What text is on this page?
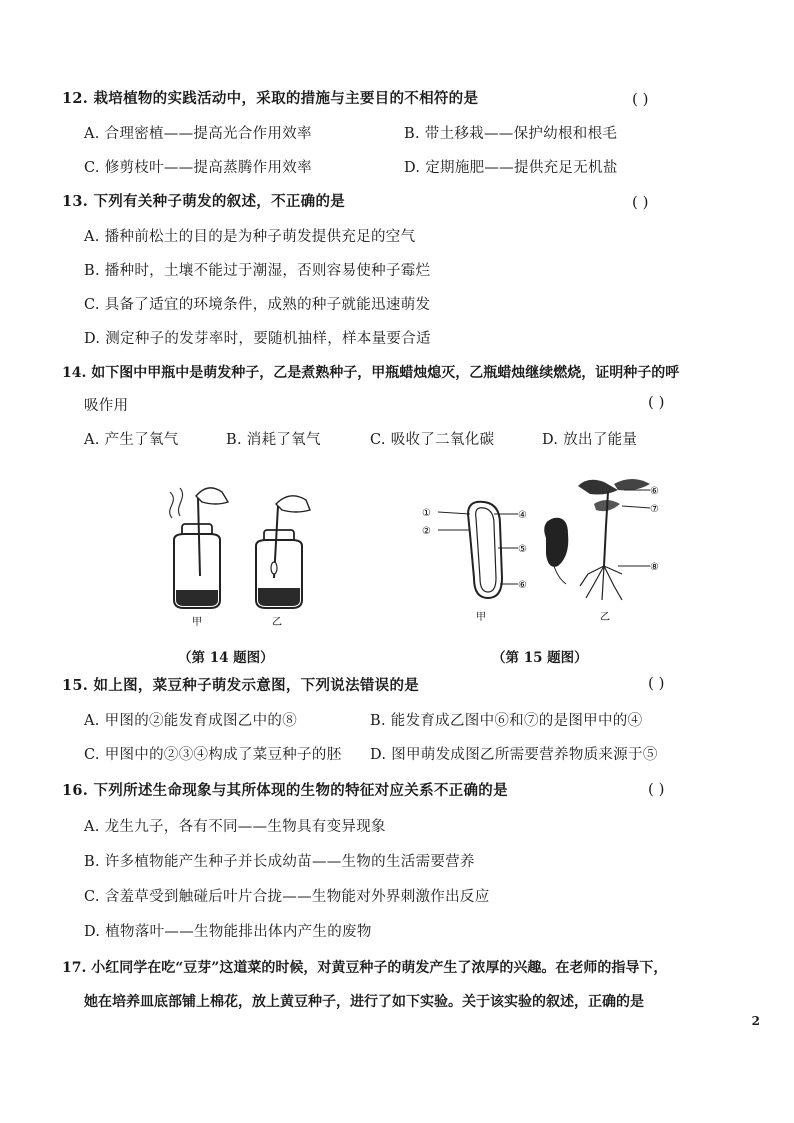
12. 栽培植物的实践活动中，采取的措施与主要目的不相符的是	( )
A. 合理密植——提高光合作用效率	B. 带土移栽——保护幼根和根毛
C. 修剪枝叶——提高蒸腾作用效率	D. 定期施肥——提供充足无机盐
13. 下列有关种子萌发的叙述，不正确的是	( )
A. 播种前松土的目的是为种子萌发提供充足的空气
B. 播种时，土壤不能过于潮湿，否则容易使种子霉烂
C. 具备了适宜的环境条件，成熟的种子就能迅速萌发
D. 测定种子的发芽率时，要随机抽样，样本量要合适
14. 如下图中甲瓶中是萌发种子，乙是煮熟种子，甲瓶蜡烛熄灭，乙瓶蜡烛继续燃烧，证明种子的呼
吸作用	( )
A. 产生了氧气	B. 消耗了氧气	C. 吸收了二氧化碳	D. 放出了能量
甲	乙
①
②
④
⑤
⑥
甲
⑥
⑦
⑧
乙
（第 14 题图）	（第 15 题图）
15. 如上图，菜豆种子萌发示意图，下列说法错误的是	( )
A. 甲图的②能发育成图乙中的⑧	B. 能发育成乙图中⑥和⑦的是图甲中的④
C. 甲图中的②③④构成了菜豆种子的胚 D. 图甲萌发成图乙所需要营养物质来源于⑤
16. 下列所述生命现象与其所体现的生物的特征对应关系不正确的是	( )
A. 龙生九子，各有不同——生物具有变异现象
B. 许多植物能产生种子并长成幼苗——生物的生活需要营养
C. 含羞草受到触碰后叶片合拢——生物能对外界刺激作出反应
D. 植物落叶——生物能排出体内产生的废物
17. 小红同学在吃“豆芽”这道菜的时候，对黄豆种子的萌发产生了浓厚的兴趣。在老师的指导下，
她在培养皿底部铺上棉花，放上黄豆种子，进行了如下实验。关于该实验的叙述，正确的是
2
